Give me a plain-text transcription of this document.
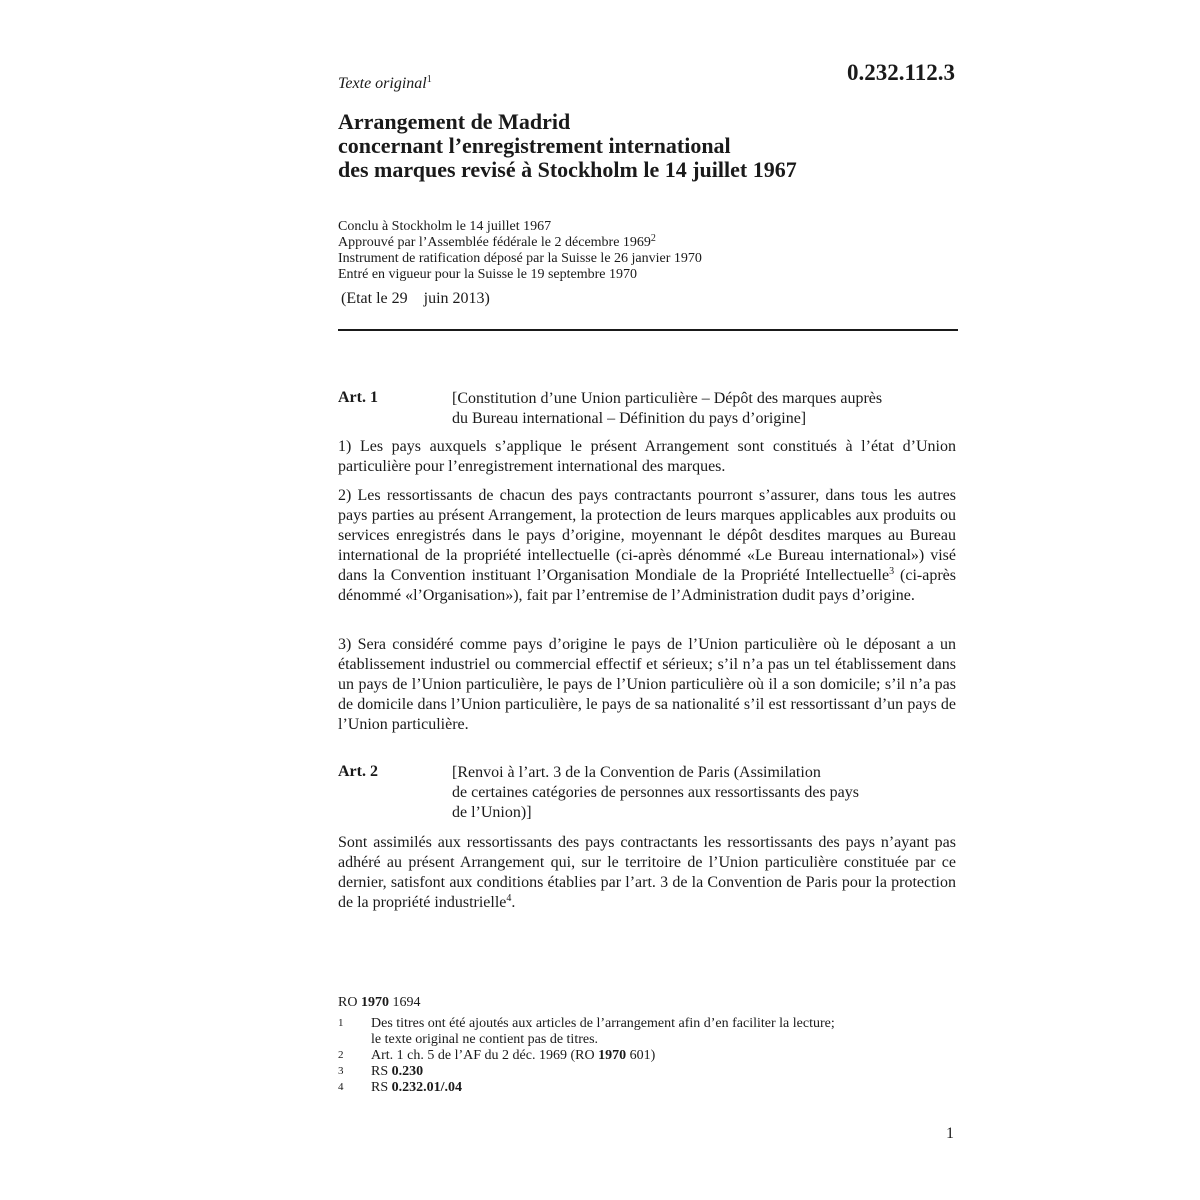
0.232.112.3
Texte original$^1$
Arrangement de Madrid
concernant l’enregistrement international
des marques revisé à Stockholm le 14 juillet 1967
Conclu à Stockholm le 14 juillet 1967
Approuvé par l’Assemblée fédérale le 2 décembre 1969$^2$
Instrument de ratification déposé par la Suisse le 26 janvier 1970
Entré en vigueur pour la Suisse le 19 septembre 1970
(Etat le 29    juin 2013)
Art. 1	[Constitution d’une Union particulière – Dépôt des marques auprès
du Bureau international – Définition du pays d’origine]
1) Les pays auxquels s’applique le présent Arrangement sont constitués à l’état d’Union particulière pour l’enregistrement international des marques.
2) Les ressortissants de chacun des pays contractants pourront s’assurer, dans tous les autres pays parties au présent Arrangement, la protection de leurs marques applicables aux produits ou services enregistrés dans le pays d’origine, moyennant le dépôt desdites marques au Bureau international de la propriété intellectuelle (ci-après dénommé «Le Bureau international») visé dans la Convention instituant l’Organisation Mondiale de la Propriété Intellectuelle$^3$ (ci-après dénommé «l’Organisation»), fait par l’entremise de l’Administration dudit pays d’origine.
3) Sera considéré comme pays d’origine le pays de l’Union particulière où le déposant a un établissement industriel ou commercial effectif et sérieux; s’il n’a pas un tel établissement dans un pays de l’Union particulière, le pays de l’Union particulière où il a son domicile; s’il n’a pas de domicile dans l’Union particulière, le pays de sa nationalité s’il est ressortissant d’un pays de l’Union particulière.
Art. 2	[Renvoi à l’art. 3 de la Convention de Paris (Assimilation
de certaines catégories de personnes aux ressortissants des pays
de l’Union)]
Sont assimilés aux ressortissants des pays contractants les ressortissants des pays n’ayant pas adhéré au présent Arrangement qui, sur le territoire de l’Union particulière constituée par ce dernier, satisfont aux conditions établies par l’art. 3 de la Convention de Paris pour la protection de la propriété industrielle$^4$.
RO 1970 1694
1	Des titres ont été ajoutés aux articles de l’arrangement afin d’en faciliter la lecture;
le texte original ne contient pas de titres.
2	Art. 1 ch. 5 de l’AF du 2 déc. 1969 (RO 1970 601)
3	RS 0.230
4	RS 0.232.01/.04
1
